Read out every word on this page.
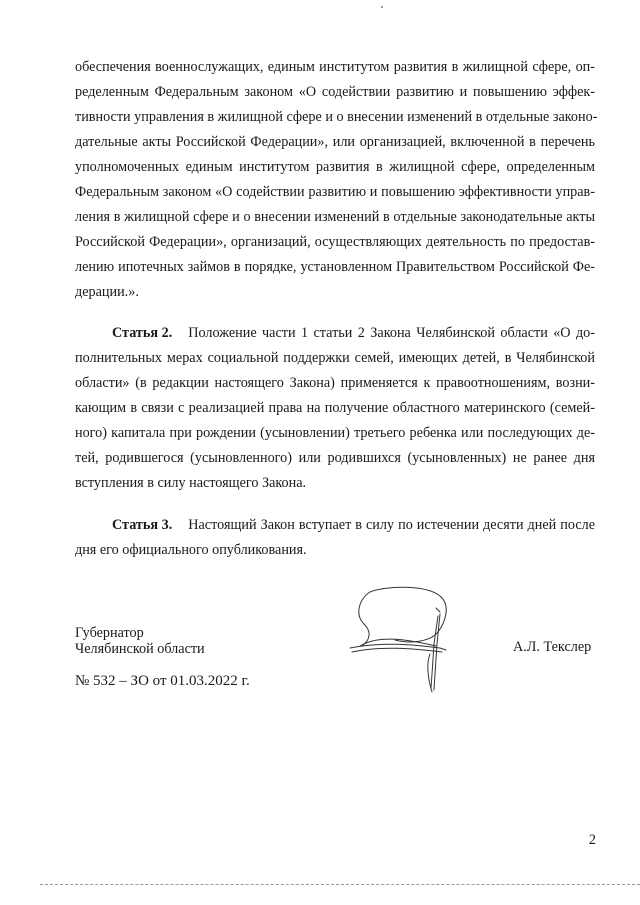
обеспечения военнослужащих, единым институтом развития в жилищной сфере, оп-
ределенным Федеральным законом «О содействии развитию и повышению эффек-
тивности управления в жилищной сфере и о внесении изменений в отдельные законо-
дательные акты Российской Федерации», или организацией, включенной в перечень
уполномоченных единым институтом развития в жилищной сфере, определенным
Федеральным законом «О содействии развитию и повышению эффективности управ-
ления в жилищной сфере и о внесении изменений в отдельные законодательные акты
Российской Федерации», организаций, осуществляющих деятельность по предостав-
лению ипотечных займов в порядке, установленном Правительством Российской Фе-
дерации.».
Статья 2. Положение части 1 статьи 2 Закона Челябинской области «О до-
полнительных мерах социальной поддержки семей, имеющих детей, в Челябинской
области» (в редакции настоящего Закона) применяется к правоотношениям, возни-
кающим в связи с реализацией права на получение областного материнского (семей-
ного) капитала при рождении (усыновлении) третьего ребенка или последующих де-
тей, родившегося (усыновленного) или родившихся (усыновленных) не ранее дня
вступления в силу настоящего Закона.
Статья 3. Настоящий Закон вступает в силу по истечении десяти дней после
дня его официального опубликования.
Губернатор
Челябинской области
№ 532 – ЗО от 01.03.2022 г.
А.Л. Текслер
2
